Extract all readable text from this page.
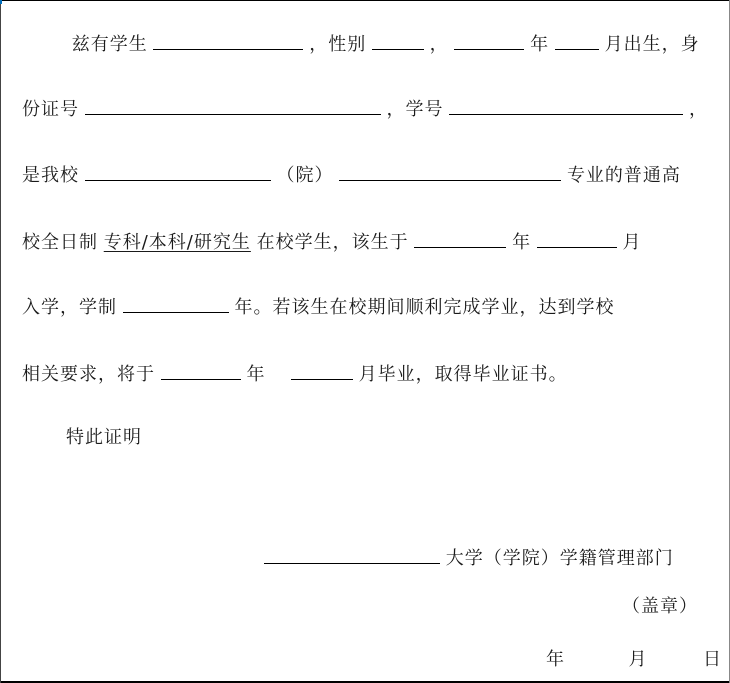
兹有学生	，性别	，	年	月出生，身
份证号	，学号	，
是我校	（院）	专业的普通高
校全日制 专科/本科/研究生 在校学生，该生于	年	月
入学，学制	年。若该生在校期间顺利完成学业，达到学校
相关要求，将于	年	月毕业，取得毕业证书。
特此证明
大学（学院）学籍管理部门
（盖章）
年	月	日
